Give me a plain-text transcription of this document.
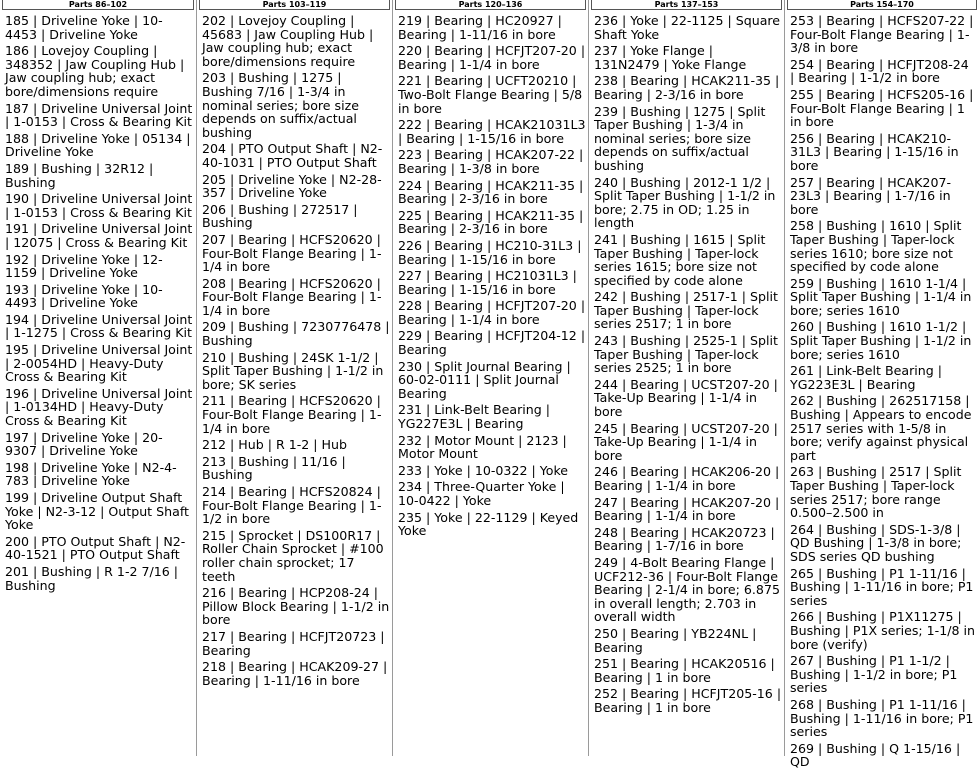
Parts 86–102
185 | Driveline Yoke | 10-4453 | Driveline Yoke
186 | Lovejoy Coupling | 348352 | Jaw Coupling Hub | Jaw coupling hub; exact bore/dimensions require
187 | Driveline Universal Joint | 1-0153 | Cross & Bearing Kit
188 | Driveline Yoke | 05134 | Driveline Yoke
189 | Bushing | 32R12 | Bushing
190 | Driveline Universal Joint | 1-0153 | Cross & Bearing Kit
191 | Driveline Universal Joint | 12075 | Cross & Bearing Kit
192 | Driveline Yoke | 12-1159 | Driveline Yoke
193 | Driveline Yoke | 10-4493 | Driveline Yoke
194 | Driveline Universal Joint | 1-1275 | Cross & Bearing Kit
195 | Driveline Universal Joint | 2-0054HD | Heavy-Duty Cross & Bearing Kit
196 | Driveline Universal Joint | 1-0134HD | Heavy-Duty Cross & Bearing Kit
197 | Driveline Yoke | 20-9307 | Driveline Yoke
198 | Driveline Yoke | N2-4-783 | Driveline Yoke
199 | Driveline Output Shaft Yoke | N2-3-12 | Output Shaft Yoke
200 | PTO Output Shaft | N2-40-1521 | PTO Output Shaft
201 | Bushing | R 1-2 7/16 | Bushing
Parts 103–119
202 | Lovejoy Coupling | 45683 | Jaw Coupling Hub | Jaw coupling hub; exact bore/dimensions require
203 | Bushing | 1275 | Bushing 7/16 | 1-3/4 in nominal series; bore size depends on suffix/actual bushing
204 | PTO Output Shaft | N2-40-1031 | PTO Output Shaft
205 | Driveline Yoke | N2-28-357 | Driveline Yoke
206 | Bushing | 272517 | Bushing
207 | Bearing | HCFS20620 | Four-Bolt Flange Bearing | 1-1/4 in bore
208 | Bearing | HCFS20620 | Four-Bolt Flange Bearing | 1-1/4 in bore
209 | Bushing | 7230776478 | Bushing
210 | Bushing | 24SK 1-1/2 | Split Taper Bushing | 1-1/2 in bore; SK series
211 | Bearing | HCFS20620 | Four-Bolt Flange Bearing | 1-1/4 in bore
212 | Hub | R 1-2 | Hub
213 | Bushing | 11/16 | Bushing
214 | Bearing | HCFS20824 | Four-Bolt Flange Bearing | 1-1/2 in bore
215 | Sprocket | DS100R17 | Roller Chain Sprocket | #100 roller chain sprocket; 17 teeth
216 | Bearing | HCP208-24 | Pillow Block Bearing | 1-1/2 in bore
217 | Bearing | HCFJT20723 | Bearing
218 | Bearing | HCAK209-27 | Bearing | 1-11/16 in bore
Parts 120–136
219 | Bearing | HC20927 | Bearing | 1-11/16 in bore
220 | Bearing | HCFJT207-20 | Bearing | 1-1/4 in bore
221 | Bearing | UCFT20210 | Two-Bolt Flange Bearing | 5/8 in bore
222 | Bearing | HCAK21031L3 | Bearing | 1-15/16 in bore
223 | Bearing | HCAK207-22 | Bearing | 1-3/8 in bore
224 | Bearing | HCAK211-35 | Bearing | 2-3/16 in bore
225 | Bearing | HCAK211-35 | Bearing | 2-3/16 in bore
226 | Bearing | HC210-31L3 | Bearing | 1-15/16 in bore
227 | Bearing | HC21031L3 | Bearing | 1-15/16 in bore
228 | Bearing | HCFJT207-20 | Bearing | 1-1/4 in bore
229 | Bearing | HCFJT204-12 | Bearing
230 | Split Journal Bearing | 60-02-0111 | Split Journal Bearing
231 | Link-Belt Bearing | YG227E3L | Bearing
232 | Motor Mount | 2123 | Motor Mount
233 | Yoke | 10-0322 | Yoke
234 | Three-Quarter Yoke | 10-0422 | Yoke
235 | Yoke | 22-1129 | Keyed Yoke
Parts 137–153
236 | Yoke | 22-1125 | Square Shaft Yoke
237 | Yoke Flange | 131N2479 | Yoke Flange
238 | Bearing | HCAK211-35 | Bearing | 2-3/16 in bore
239 | Bushing | 1275 | Split Taper Bushing | 1-3/4 in nominal series; bore size depends on suffix/actual bushing
240 | Bushing | 2012-1 1/2 | Split Taper Bushing | 1-1/2 in bore; 2.75 in OD; 1.25 in length
241 | Bushing | 1615 | Split Taper Bushing | Taper-lock series 1615; bore size not specified by code alone
242 | Bushing | 2517-1 | Split Taper Bushing | Taper-lock series 2517; 1 in bore
243 | Bushing | 2525-1 | Split Taper Bushing | Taper-lock series 2525; 1 in bore
244 | Bearing | UCST207-20 | Take-Up Bearing | 1-1/4 in bore
245 | Bearing | UCST207-20 | Take-Up Bearing | 1-1/4 in bore
246 | Bearing | HCAK206-20 | Bearing | 1-1/4 in bore
247 | Bearing | HCAK207-20 | Bearing | 1-1/4 in bore
248 | Bearing | HCAK20723 | Bearing | 1-7/16 in bore
249 | 4-Bolt Bearing Flange | UCF212-36 | Four-Bolt Flange Bearing | 2-1/4 in bore; 6.875 in overall length; 2.703 in overall width
250 | Bearing | YB224NL | Bearing
251 | Bearing | HCAK20516 | Bearing | 1 in bore
252 | Bearing | HCFJT205-16 | Bearing | 1 in bore
Parts 154–170
253 | Bearing | HCFS207-22 | Four-Bolt Flange Bearing | 1-3/8 in bore
254 | Bearing | HCFJT208-24 | Bearing | 1-1/2 in bore
255 | Bearing | HCFS205-16 | Four-Bolt Flange Bearing | 1 in bore
256 | Bearing | HCAK210-31L3 | Bearing | 1-15/16 in bore
257 | Bearing | HCAK207-23L3 | Bearing | 1-7/16 in bore
258 | Bushing | 1610 | Split Taper Bushing | Taper-lock series 1610; bore size not specified by code alone
259 | Bushing | 1610 1-1/4 | Split Taper Bushing | 1-1/4 in bore; series 1610
260 | Bushing | 1610 1-1/2 | Split Taper Bushing | 1-1/2 in bore; series 1610
261 | Link-Belt Bearing | YG223E3L | Bearing
262 | Bushing | 262517158 | Bushing | Appears to encode 2517 series with 1-5/8 in bore; verify against physical part
263 | Bushing | 2517 | Split Taper Bushing | Taper-lock series 2517; bore range 0.500–2.500 in
264 | Bushing | SDS-1-3/8 | QD Bushing | 1-3/8 in bore; SDS series QD bushing
265 | Bushing | P1 1-11/16 | Bushing | 1-11/16 in bore; P1 series
266 | Bushing | P1X11275 | Bushing | P1X series; 1-1/8 in bore (verify)
267 | Bushing | P1 1-1/2 | Bushing | 1-1/2 in bore; P1 series
268 | Bushing | P1 1-11/16 | Bushing | 1-11/16 in bore; P1 series
269 | Bushing | Q 1-15/16 | QD
